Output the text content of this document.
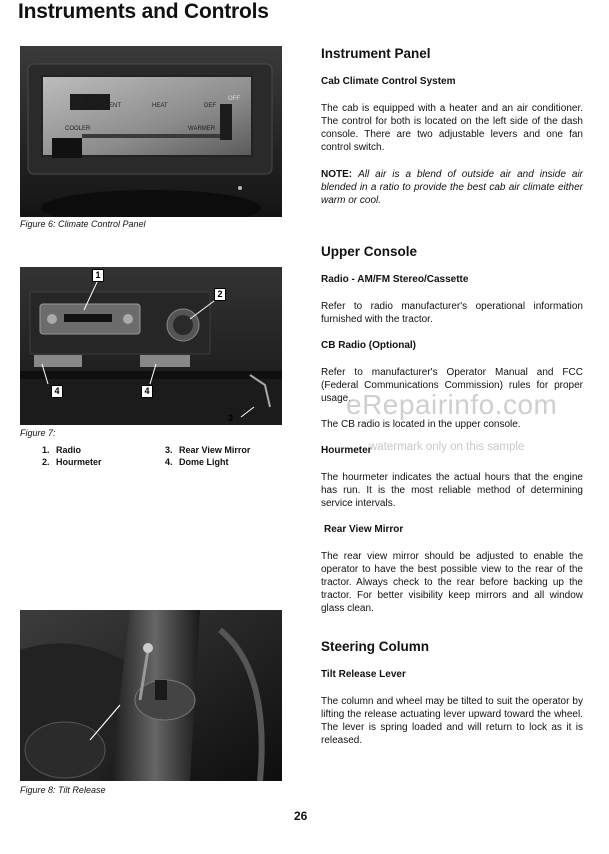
Instruments and Controls
A/C
VENT	HEAT	DEF
OFF
COOLER	WARMER
Figure 6: Climate Control Panel
1
2
3
4	4
Figure 7:
1. Radio
2. Hourmeter
3. Rear View Mirror
4. Dome Light
Figure 8: Tilt Release
Instrument Panel
Cab Climate Control System
The cab is equipped with a heater and an air conditioner. The control for both is located on the left side of the dash console. There are two adjustable levers and one fan control switch.
NOTE: All air is a blend of outside air and inside air blended in a ratio to provide the best cab air climate either warm or cool.
Upper Console
Radio - AM/FM Stereo/Cassette
Refer to radio manufacturer's operational information furnished with the tractor.
CB Radio (Optional)
Refer to manufacturer's Operator Manual and FCC (Federal Communications Commission) rules for proper usage.
The CB radio is located in the upper console.
Hourmeter
The hourmeter indicates the actual hours that the engine has run. It is the most reliable method of determining service intervals.
Rear View Mirror
The rear view mirror should be adjusted to enable the operator to have the best possible view to the rear of the tractor. Always check to the rear before backing up the tractor. For better visibility keep mirrors and all window glass clean.
Steering Column
Tilt Release Lever
The column and wheel may be tilted to suit the operator by lifting the release actuating lever upward toward the wheel. The lever is spring loaded and will return to lock as it is released.
eRepairinfo.com
watermark only on this sample
26
